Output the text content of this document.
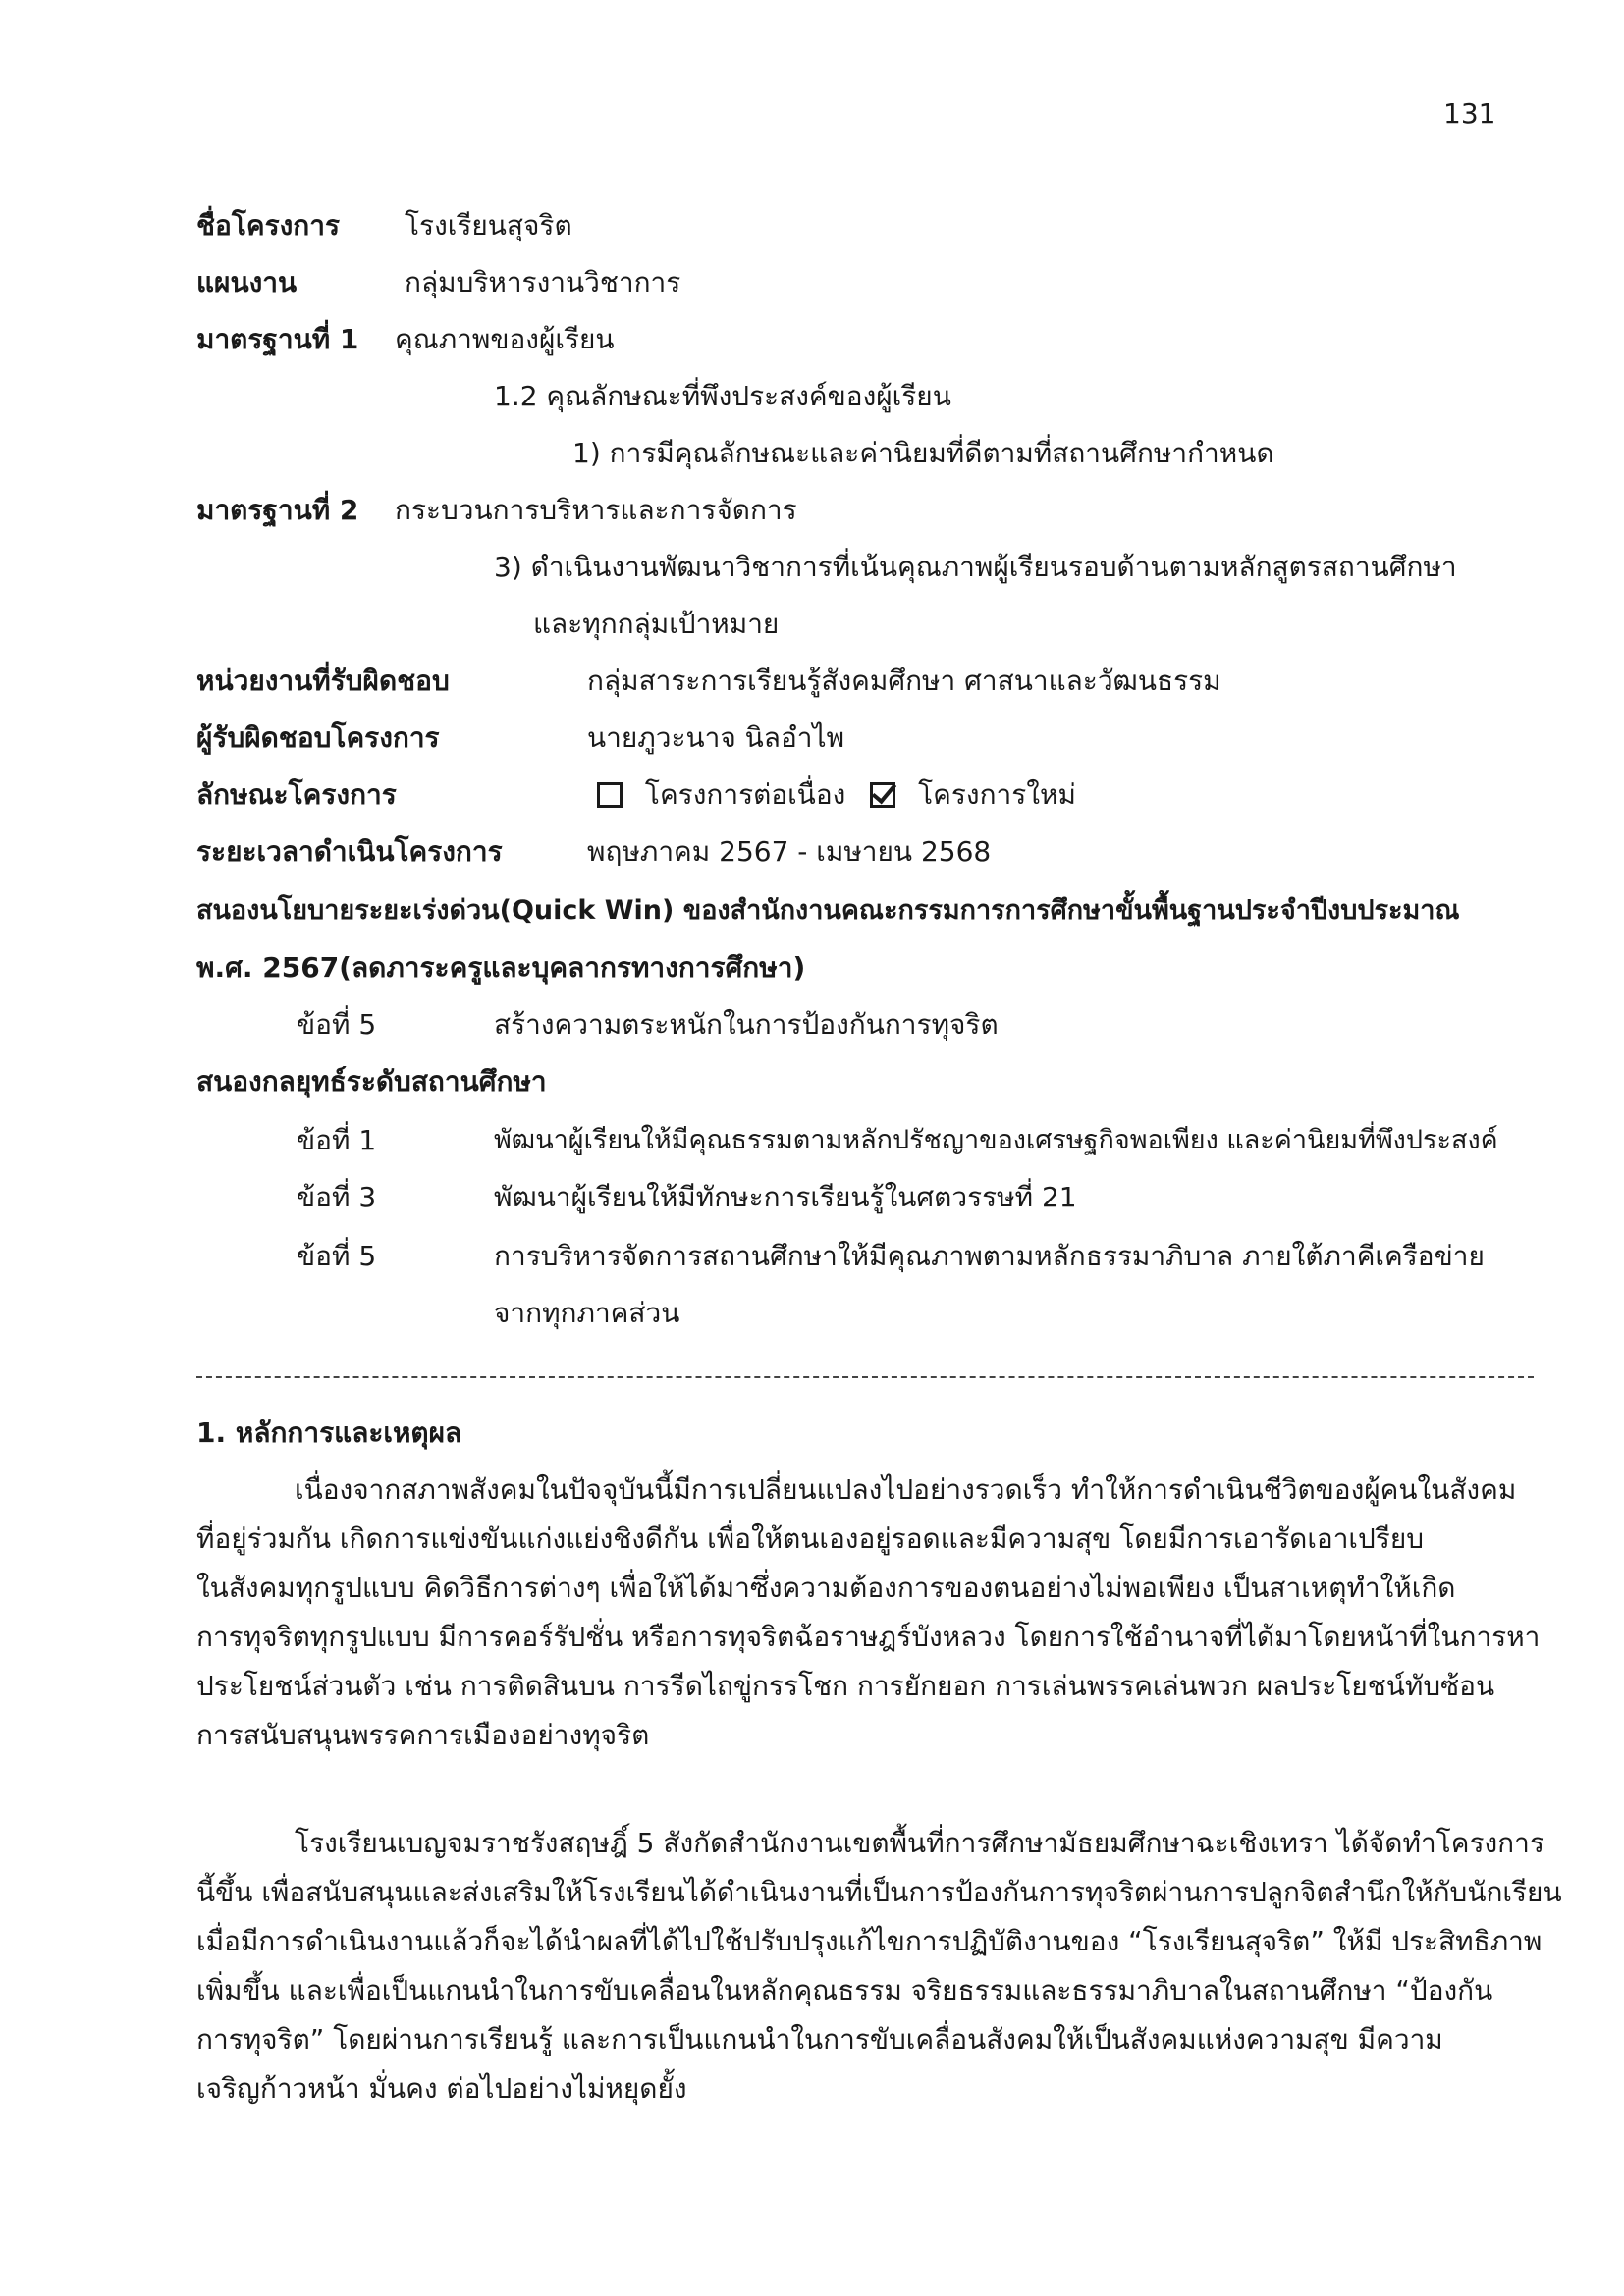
131
ชื่อโครงการ โรงเรียนสุจริต
แผนงาน	กลุ่มบริหารงานวิชาการ
มาตรฐานที่ 1 คุณภาพของผู้เรียน
1.2 คุณลักษณะที่พึงประสงค์ของผู้เรียน
1) การมีคุณลักษณะและค่านิยมที่ดีตามที่สถานศึกษากำหนด
มาตรฐานที่ 2 กระบวนการบริหารและการจัดการ
3) ดำเนินงานพัฒนาวิชาการที่เน้นคุณภาพผู้เรียนรอบด้านตามหลักสูตรสถานศึกษา
และทุกกลุ่มเป้าหมาย
หน่วยงานที่รับผิดชอบ	กลุ่มสาระการเรียนรู้สังคมศึกษา ศาสนาและวัฒนธรรม
ผู้รับผิดชอบโครงการ	นายภูวะนาจ นิลอำไพ
ลักษณะโครงการ	โครงการต่อเนื่อง	โครงการใหม่
ระยะเวลาดำเนินโครงการ	พฤษภาคม 2567 - เมษายน 2568
สนองนโยบายระยะเร่งด่วน(Quick Win) ของสำนักงานคณะกรรมการการศึกษาขั้นพื้นฐานประจำปีงบประมาณ
พ.ศ. 2567(ลดภาระครูและบุคลากรทางการศึกษา)
ข้อที่ 5	สร้างความตระหนักในการป้องกันการทุจริต
สนองกลยุทธ์ระดับสถานศึกษา
ข้อที่ 1	พัฒนาผู้เรียนให้มีคุณธรรมตามหลักปรัชญาของเศรษฐกิจพอเพียง และค่านิยมที่พึงประสงค์
ข้อที่ 3	พัฒนาผู้เรียนให้มีทักษะการเรียนรู้ในศตวรรษที่ 21
ข้อที่ 5	การบริหารจัดการสถานศึกษาให้มีคุณภาพตามหลักธรรมาภิบาล ภายใต้ภาคีเครือข่าย
จากทุกภาคส่วน
1. หลักการและเหตุผล
เนื่องจากสภาพสังคมในปัจจุบันนี้มีการเปลี่ยนแปลงไปอย่างรวดเร็ว ทำให้การดำเนินชีวิตของผู้คนในสังคม
ที่อยู่ร่วมกัน เกิดการแข่งขันแก่งแย่งชิงดีกัน เพื่อให้ตนเองอยู่รอดและมีความสุข โดยมีการเอารัดเอาเปรียบ
ในสังคมทุกรูปแบบ คิดวิธีการต่างๆ เพื่อให้ได้มาซึ่งความต้องการของตนอย่างไม่พอเพียง เป็นสาเหตุทำให้เกิด
การทุจริตทุกรูปแบบ มีการคอร์รัปชั่น หรือการทุจริตฉ้อราษฎร์บังหลวง โดยการใช้อำนาจที่ได้มาโดยหน้าที่ในการหา
ประโยชน์ส่วนตัว เช่น การติดสินบน การรีดไถขู่กรรโชก การยักยอก การเล่นพรรคเล่นพวก ผลประโยชน์ทับซ้อน
การสนับสนุนพรรคการเมืองอย่างทุจริต
โรงเรียนเบญจมราชรังสฤษฎิ์ 5 สังกัดสำนักงานเขตพื้นที่การศึกษามัธยมศึกษาฉะเชิงเทรา ได้จัดทำโครงการ
นี้ขึ้น เพื่อสนับสนุนและส่งเสริมให้โรงเรียนได้ดำเนินงานที่เป็นการป้องกันการทุจริตผ่านการปลูกจิตสำนึกให้กับนักเรียน
เมื่อมีการดำเนินงานแล้วก็จะได้นำผลที่ได้ไปใช้ปรับปรุงแก้ไขการปฏิบัติงานของ “โรงเรียนสุจริต” ให้มี ประสิทธิภาพ
เพิ่มขึ้น และเพื่อเป็นแกนนำในการขับเคลื่อนในหลักคุณธรรม จริยธรรมและธรรมาภิบาลในสถานศึกษา “ป้องกัน
การทุจริต” โดยผ่านการเรียนรู้ และการเป็นแกนนำในการขับเคลื่อนสังคมให้เป็นสังคมแห่งความสุข มีความ
เจริญก้าวหน้า มั่นคง ต่อไปอย่างไม่หยุดยั้ง
